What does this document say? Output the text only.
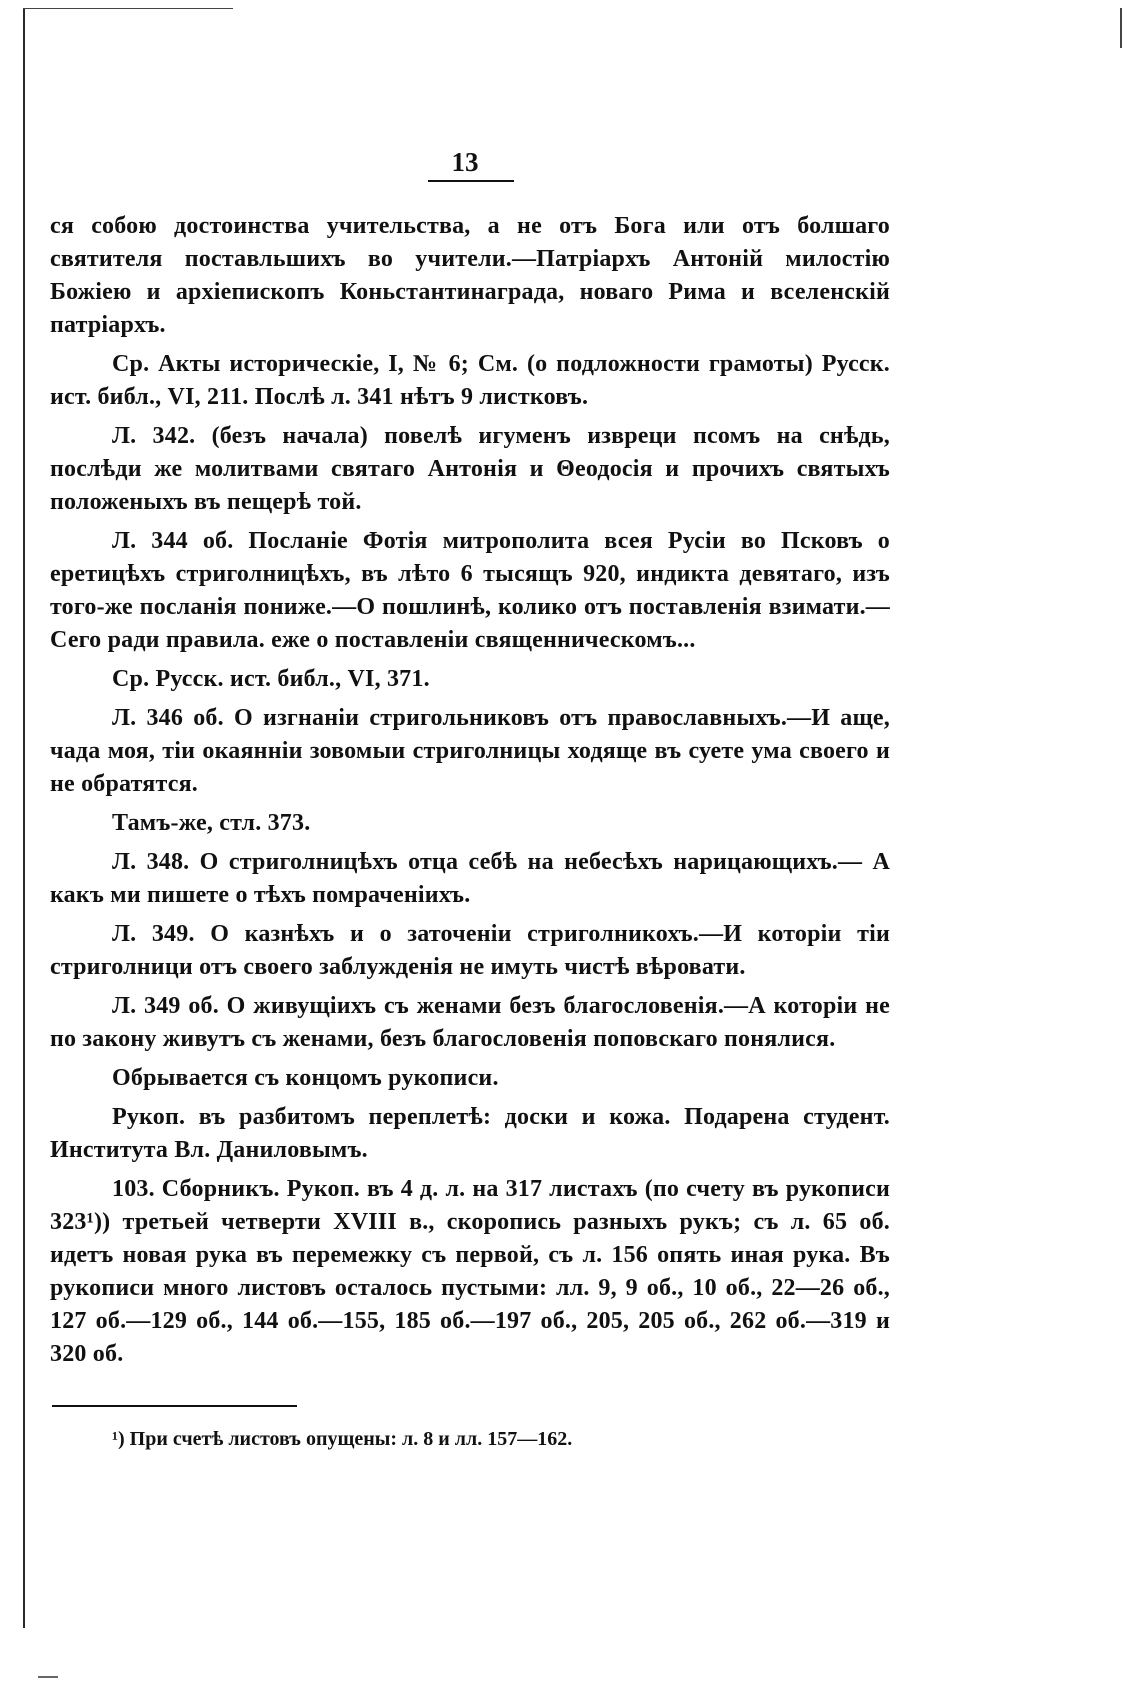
13

ся собою достоинства учительства, а не отъ Бога или отъ болшаго святителя поставльшихъ во учители.—Патріархъ Антоній милостію Божіею и архіепископъ Коньстантинаграда, новаго Рима и вселенскій патріархъ.

Ср. Акты историческіе, I, № 6; См. (о подложности грамоты) Русск. ист. библ., VI, 211. Послѣ л. 341 нѣтъ 9 листковъ.

Л. 342. (безъ начала) повелѣ игуменъ извреци псомъ на снѣдь, послѣди же молитвами святаго Антонія и Θеодосія и прочихъ святыхъ положеныхъ въ пещерѣ той.

Л. 344 об. Посланіе Фотія митрополита всея Русіи во Псковъ о еретицѣхъ стриголницѣхъ, въ лѣто 6 тысящъ 920, индикта девятаго, изъ того-же посланія пониже.—О пошлинѣ, колико отъ поставленія взимати.—Сего ради правила. еже о поставленіи священническомъ...

Ср. Русск. ист. библ., VI, 371.

Л. 346 об. О изгнаніи стригольниковъ отъ православныхъ.—И аще, чада моя, тіи окаянніи зовомыи стриголницы ходяще въ суете ума своего и не обратятся.

Тамъ-же, стл. 373.

Л. 348. О стриголницѣхъ отца себѣ на небесѣхъ нарицающихъ.— А какъ ми пишете о тѣхъ помраченіихъ.

Л. 349. О казнѣхъ и о заточеніи стриголникохъ.—И которіи тіи стриголници отъ своего заблужденія не имуть чистѣ вѣровати.

Л. 349 об. О живущіихъ съ женами безъ благословенія.—А которіи не по закону живутъ съ женами, безъ благословенія поповскаго понялися.

Обрывается съ концомъ рукописи.

Рукоп. въ разбитомъ переплетѣ: доски и кожа. Подарена студент. Института Вл. Даниловымъ.

103. Сборникъ. Рукоп. въ 4 д. л. на 317 листахъ (по счету въ рукописи 323¹)) третьей четверти XVIII в., скоропись разныхъ рукъ; съ л. 65 об. идетъ новая рука въ перемежку съ первой, съ л. 156 опять иная рука. Въ рукописи много листовъ осталось пустыми: лл. 9, 9 об., 10 об., 22—26 об., 127 об.—129 об., 144 об.—155, 185 об.—197 об., 205, 205 об., 262 об.—319 и 320 об.

¹) При счетѣ листовъ опущены: л. 8 и лл. 157—162.
